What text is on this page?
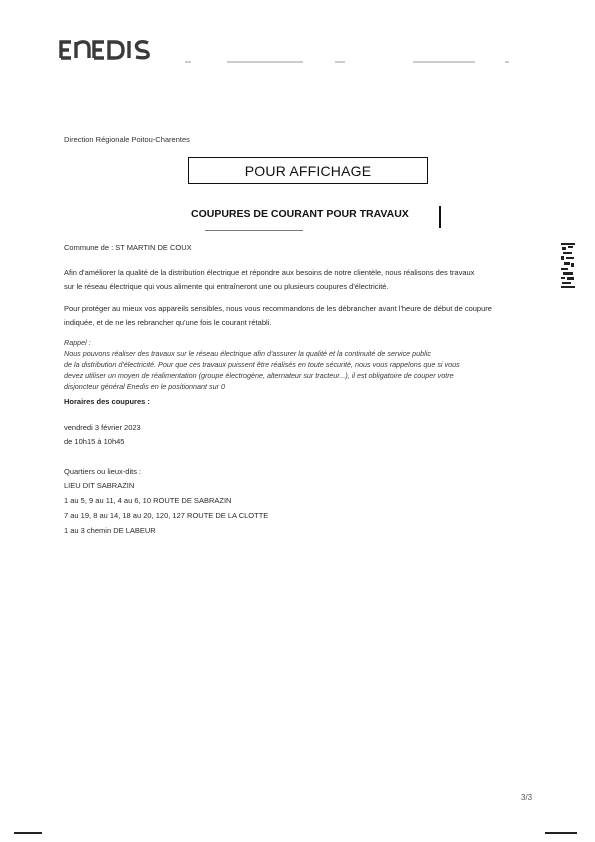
Direction Régionale Poitou-Charentes
POUR AFFICHAGE
COUPURES DE COURANT POUR TRAVAUX
Commune de : ST MARTIN DE COUX
Afin d'améliorer la qualité de la distribution électrique et répondre aux besoins de notre clientèle, nous réalisons des travaux
sur le réseau électrique qui vous alimente qui entraîneront une ou plusieurs coupures d'électricité.
Pour protéger au mieux vos appareils sensibles, nous vous recommandons de les débrancher avant l'heure de début de coupure
indiquée, et de ne les rebrancher qu'une fois le courant rétabli.
Rappel :
Nous pouvons réaliser des travaux sur le réseau électrique afin d'assurer la qualité et la continuité de service public
de la distribution d'électricité. Pour que ces travaux puissent être réalisés en toute sécurité, nous vous rappelons que si vous
devez utiliser un moyen de réalimentation (groupe électrogène, alternateur sur tracteur...), il est obligatoire de couper votre
disjoncteur général Enedis en le positionnant sur 0
Horaires des coupures :
vendredi 3 février 2023
de 10h15 à 10h45
Quartiers ou lieux-dits :
LIEU DIT SABRAZIN
1 au 5, 9 au 11, 4 au 6, 10 ROUTE DE SABRAZIN
7 au 19, 8 au 14, 18 au 20, 120, 127 ROUTE DE LA CLOTTE
1 au 3 chemin DE LABEUR
3/3
